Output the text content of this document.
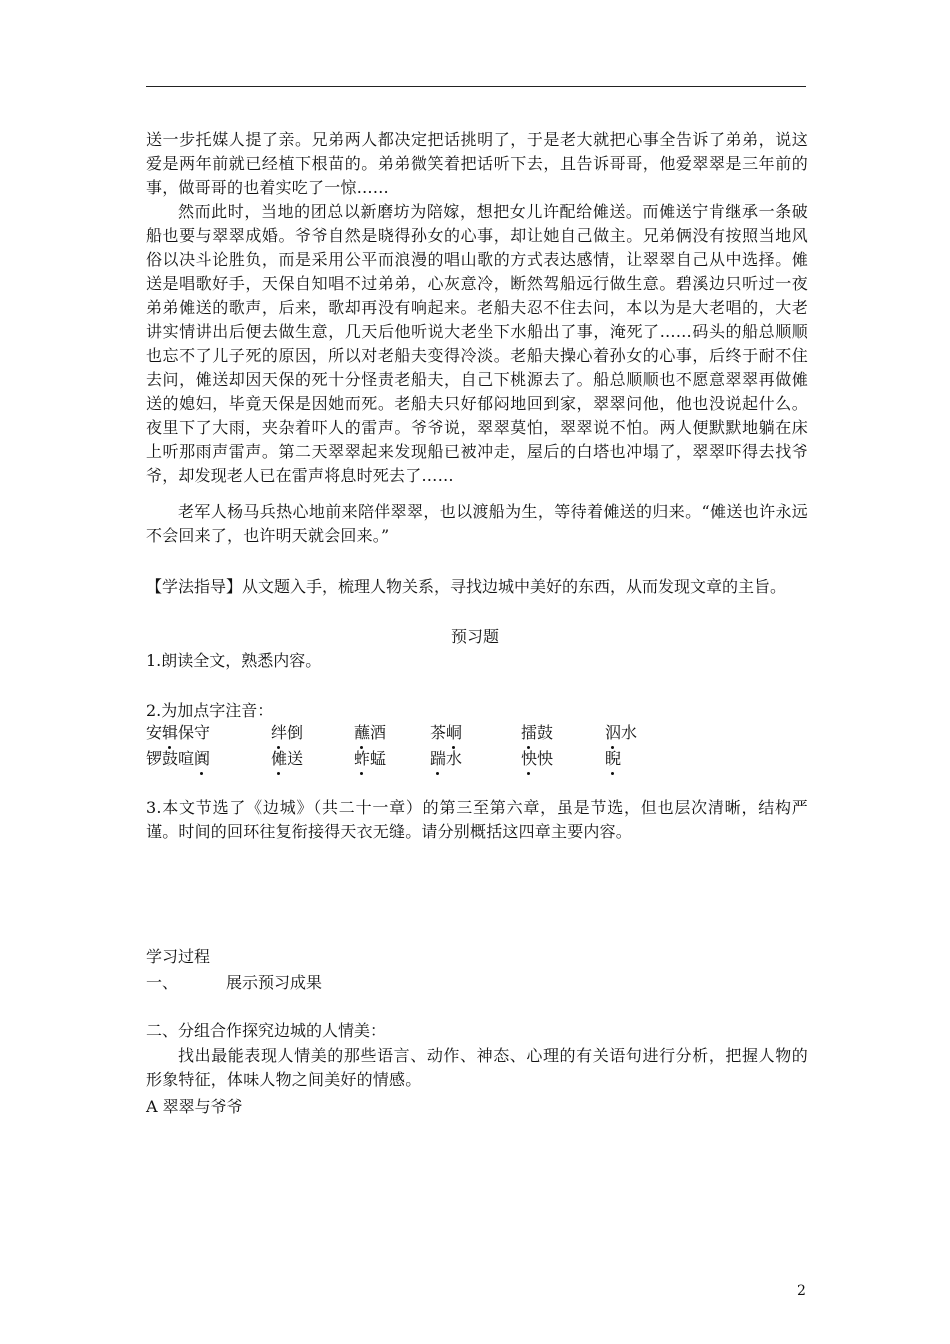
送一步托媒人提了亲。兄弟两人都决定把话挑明了，于是老大就把心事全告诉了弟弟，说这爱是两年前就已经植下根苗的。弟弟微笑着把话听下去，且告诉哥哥，他爱翠翠是三年前的事，做哥哥的也着实吃了一惊……

然而此时，当地的团总以新磨坊为陪嫁，想把女儿许配给傩送。而傩送宁肯继承一条破船也要与翠翠成婚。爷爷自然是晓得孙女的心事，却让她自己做主。兄弟俩没有按照当地风俗以决斗论胜负，而是采用公平而浪漫的唱山歌的方式表达感情，让翠翠自己从中选择。傩送是唱歌好手，天保自知唱不过弟弟，心灰意冷，断然驾船远行做生意。碧溪边只听过一夜弟弟傩送的歌声，后来，歌却再没有响起来。老船夫忍不住去问，本以为是大老唱的，大老讲实情讲出后便去做生意，几天后他听说大老坐下水船出了事，淹死了……码头的船总顺顺也忘不了儿子死的原因，所以对老船夫变得冷淡。老船夫操心着孙女的心事，后终于耐不住去问，傩送却因天保的死十分怪责老船夫，自己下桃源去了。船总顺顺也不愿意翠翠再做傩送的媳妇，毕竟天保是因她而死。老船夫只好郁闷地回到家，翠翠问他，他也没说起什么。夜里下了大雨，夹杂着吓人的雷声。爷爷说，翠翠莫怕，翠翠说不怕。两人便默默地躺在床上听那雨声雷声。第二天翠翠起来发现船已被冲走，屋后的白塔也冲塌了，翠翠吓得去找爷爷，却发现老人已在雷声将息时死去了……

老军人杨马兵热心地前来陪伴翠翠，也以渡船为生，等待着傩送的归来。“傩送也许永远不会回来了，也许明天就会回来。”

【学法指导】从文题入手，梳理人物关系，寻找边城中美好的东西，从而发现文章的主旨。
预习题
1.朗读全文，熟悉内容。
2.为加点字注音：
安辑保守	绊倒	蘸酒	茶峒	擂鼓	泅水
锣鼓喧阗	傩送	蚱蜢	踹水	怏怏	睨

3.本文节选了《边城》（共二十一章）的第三至第六章，虽是节选，但也层次清晰，结构严谨。时间的回环往复衔接得天衣无缝。请分别概括这四章主要内容。

学习过程
一、	展示预习成果
二、分组合作探究边城的人情美：

找出最能表现人情美的那些语言、动作、神态、心理的有关语句进行分析，把握人物的形象特征，体味人物之间美好的情感。

A 翠翠与爷爷
2
